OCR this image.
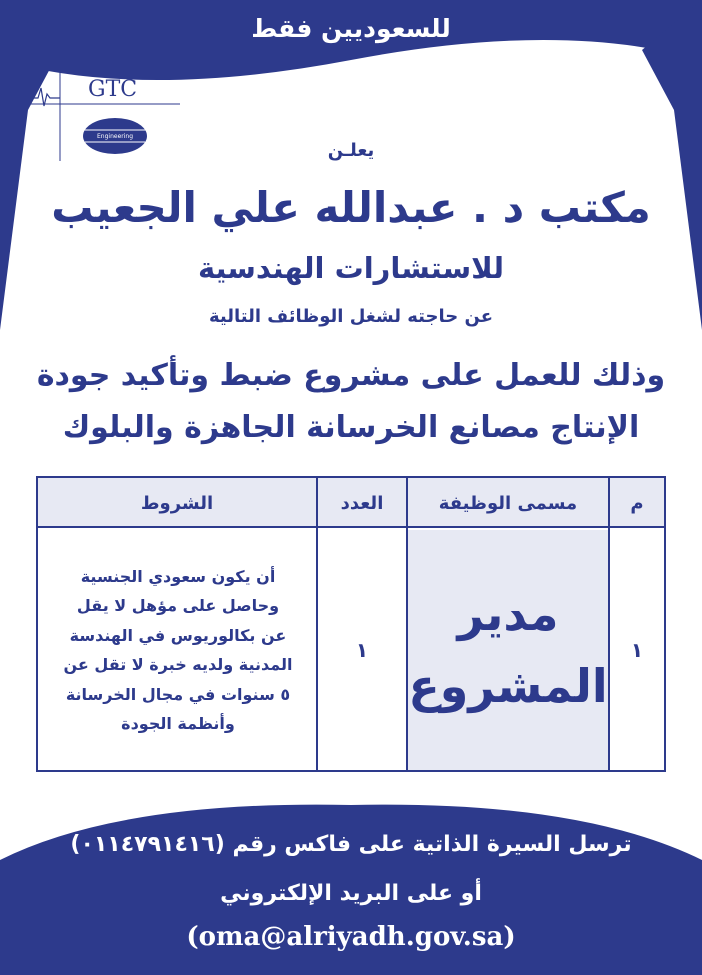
للسعوديين فقط
GTC
Engineering
يعلـن
مكتب د . عبدالله علي الجعيب
للاستشارات الهندسية
عن حاجته لشغل الوظائف التالية
وذلك للعمل على مشروع ضبط وتأكيد جودة
الإنتاج مصانع الخرسانة الجاهزة والبلوك
م
مسمى الوظيفة
العدد
الشروط
١
مدير
المشروع
١
أن يكون سعودي الجنسية
وحاصل على مؤهل لا يقل
عن بكالوريوس في الهندسة
المدنية ولديه خبرة لا تقل عن
٥ سنوات في مجال الخرسانة
وأنظمة الجودة
ترسل السيرة الذاتية على فاكس رقم (٠١١٤٧٩١٤١٦)
أو على البريد الإلكتروني
(oma@alriyadh.gov.sa)
